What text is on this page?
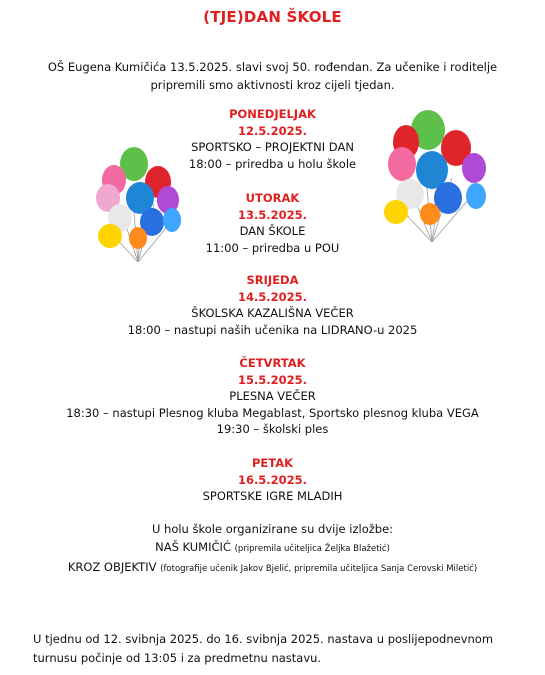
(TJE)DAN ŠKOLE
OŠ Eugena Kumičića 13.5.2025. slavi svoj 50. rođendan. Za učenike i roditelje
pripremili smo aktivnosti kroz cijeli tjedan.
PONEDJELJAK
12.5.2025.
SPORTSKO – PROJEKTNI DAN
18:00 – priredba u holu škole
UTORAK
13.5.2025.
DAN ŠKOLE
11:00 – priredba u POU
SRIJEDA
14.5.2025.
ŠKOLSKA KAZALIŠNA VEČER
18:00 – nastupi naših učenika na LIDRANO-u 2025
ČETVRTAK
15.5.2025.
PLESNA VEČER
18:30 – nastupi Plesnog kluba Megablast, Sportsko plesnog kluba VEGA
19:30 – školski ples
PETAK
16.5.2025.
SPORTSKE IGRE MLADIH
U holu škole organizirane su dvije izložbe:
NAŠ KUMIČIĆ (pripremila učiteljica Željka Blažetić)
KROZ OBJEKTIV (fotografije učenik Jakov Bjelić, pripremila učiteljica Sanja Cerovski Miletić)
U tjednu od 12. svibnja 2025. do 16. svibnja 2025. nastava u poslijepodnevnom
turnusu počinje od 13:05 i za predmetnu nastavu.
